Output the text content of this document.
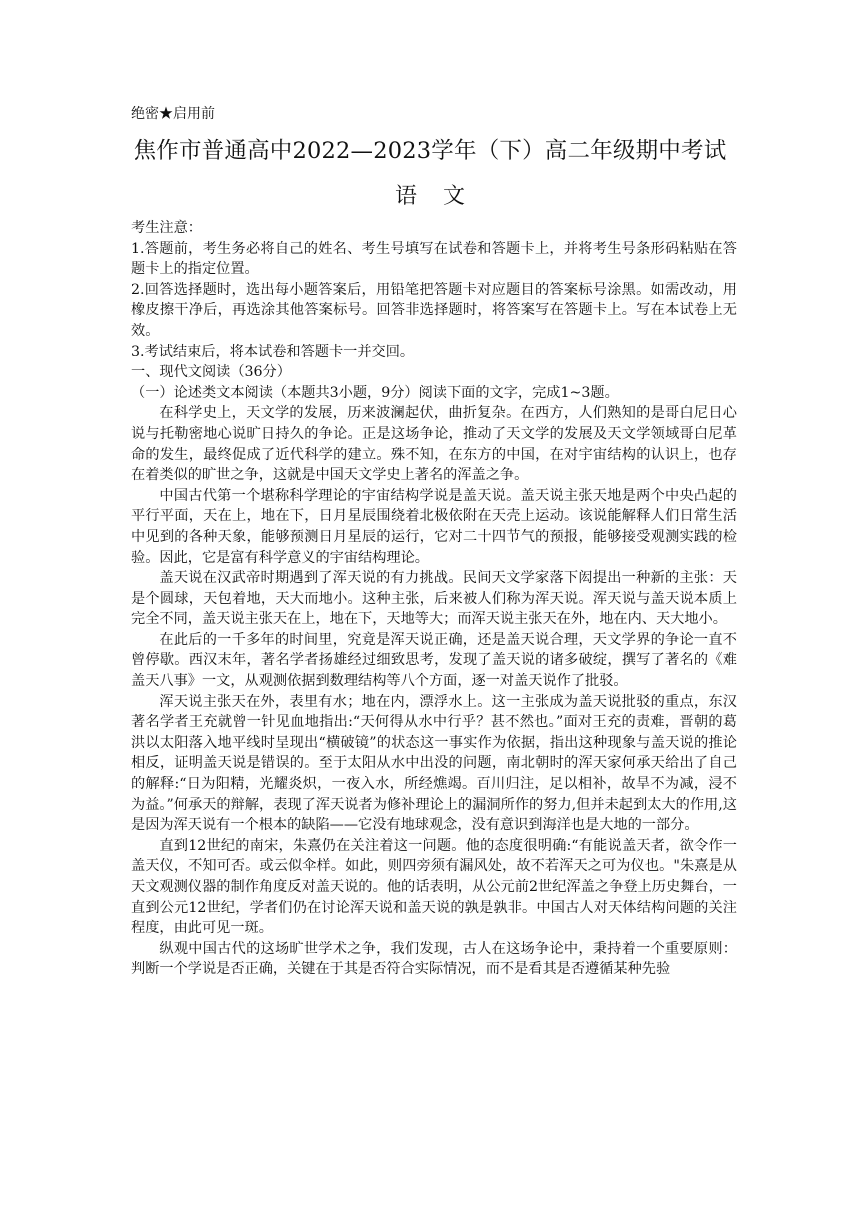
绝密★启用前
焦作市普通高中2022—2023学年（下）高二年级期中考试
语文

考生注意：

1.答题前，考生务必将自己的姓名、考生号填写在试卷和答题卡上，并将考生号条形码粘贴在答题卡上的指定位置。

2.回答选择题时，选出每小题答案后，用铅笔把答题卡对应题目的答案标号涂黑。如需改动，用橡皮擦干净后，再选涂其他答案标号。回答非选择题时，将答案写在答题卡上。写在本试卷上无效。

3.考试结束后，将本试卷和答题卡一并交回。

一、现代文阅读（36分）

（一）论述类文本阅读（本题共3小题，9分）阅读下面的文字，完成1~3题。

在科学史上，天文学的发展，历来波澜起伏，曲折复杂。在西方，人们熟知的是哥白尼日心说与托勒密地心说旷日持久的争论。正是这场争论，推动了天文学的发展及天文学领域哥白尼革命的发生，最终促成了近代科学的建立。殊不知，在东方的中国，在对宇宙结构的认识上，也存在着类似的旷世之争，这就是中国天文学史上著名的浑盖之争。

中国古代第一个堪称科学理论的宇宙结构学说是盖天说。盖天说主张天地是两个中央凸起的平行平面，天在上，地在下，日月星辰围绕着北极依附在天壳上运动。该说能解释人们日常生活中见到的各种天象，能够预测日月星辰的运行，它对二十四节气的预报，能够接受观测实践的检验。因此，它是富有科学意义的宇宙结构理论。

盖天说在汉武帝时期遇到了浑天说的有力挑战。民间天文学家落下闳提出一种新的主张：天是个圆球，天包着地，天大而地小。这种主张，后来被人们称为浑天说。浑天说与盖天说本质上完全不同，盖天说主张天在上，地在下，天地等大；而浑天说主张天在外，地在内、天大地小。

在此后的一千多年的时间里，究竟是浑天说正确，还是盖天说合理，天文学界的争论一直不曾停歇。西汉末年，著名学者扬雄经过细致思考，发现了盖天说的诸多破绽，撰写了著名的《难盖天八事》一文，从观测依据到数理结构等八个方面，逐一对盖天说作了批驳。

浑天说主张天在外，表里有水；地在内，漂浮水上。这一主张成为盖天说批驳的重点，东汉著名学者王充就曾一针见血地指出:“天何得从水中行乎？甚不然也。”面对王充的责难，晋朝的葛洪以太阳落入地平线时呈现出“横破镜”的状态这一事实作为依据，指出这种现象与盖天说的推论相反，证明盖天说是错误的。至于太阳从水中出没的问题，南北朝时的浑天家何承天给出了自己的解释:“日为阳精，光耀炎炽，一夜入水，所经燋竭。百川归注，足以相补，故旱不为减，浸不为益。”何承天的辩解，表现了浑天说者为修补理论上的漏洞所作的努力,但并未起到太大的作用,这是因为浑天说有一个根本的缺陷——它没有地球观念，没有意识到海洋也是大地的一部分。

直到12世纪的南宋，朱熹仍在关注着这一问题。他的态度很明确:“有能说盖天者，欲令作一盖天仪，不知可否。或云似伞样。如此，则四旁须有漏风处，故不若浑天之可为仪也。"朱熹是从天文观测仪器的制作角度反对盖天说的。他的话表明，从公元前2世纪浑盖之争登上历史舞台，一直到公元12世纪，学者们仍在讨论浑天说和盖天说的孰是孰非。中国古人对天体结构问题的关注程度，由此可见一斑。

纵观中国古代的这场旷世学术之争，我们发现，古人在这场争论中，秉持着一个重要原则：判断一个学说是否正确，关键在于其是否符合实际情况，而不是看其是否遵循某种先验
